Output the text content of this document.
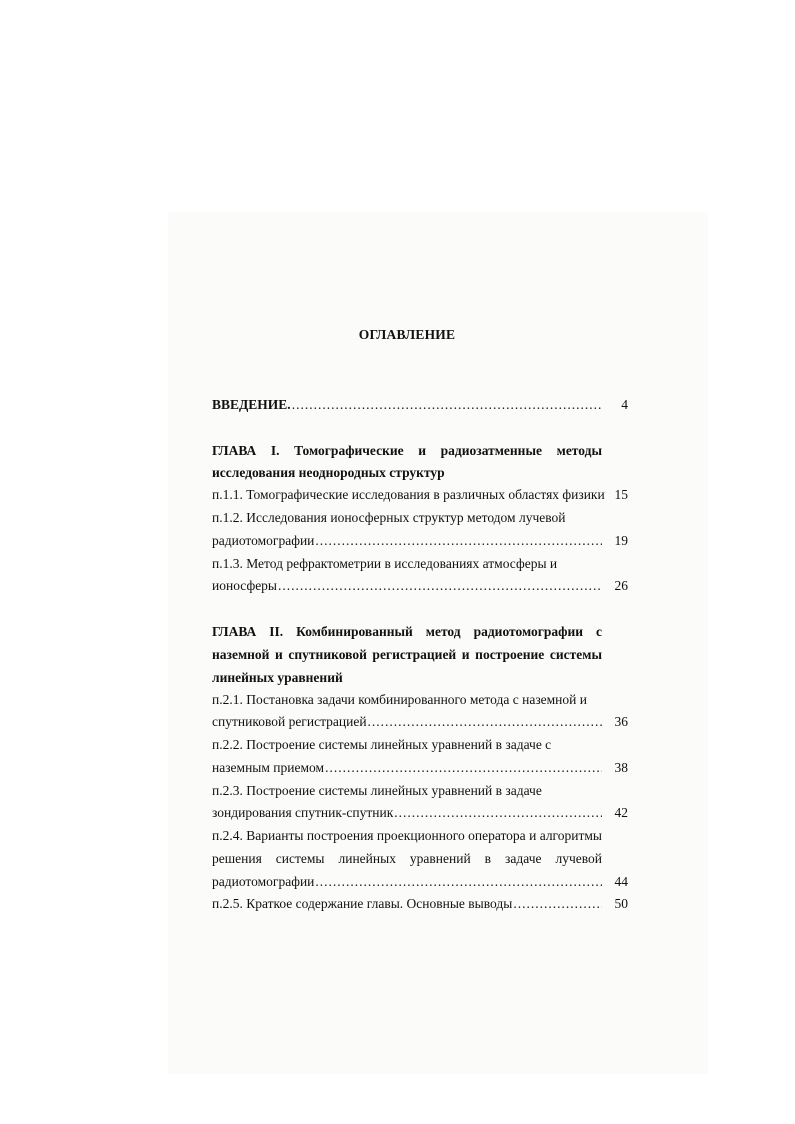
ОГЛАВЛЕНИЕ
ВВЕДЕНИЕ. .....	4
ГЛАВА I. Томографические и радиозатменные методы
исследования неоднородных структур
п.1.1. Томографические исследования в различных областях физики 15
п.1.2. Исследования ионосферных структур методом лучевой
радиотомографии .....	19
п.1.3. Метод рефрактометрии в исследованиях атмосферы и
ионосферы .....	26
ГЛАВА II. Комбинированный метод радиотомографии с
наземной и спутниковой регистрацией и построение системы
линейных уравнений
п.2.1. Постановка задачи комбинированного метода с наземной и
спутниковой регистрацией .....	36
п.2.2. Построение системы линейных уравнений в задаче с
наземным приемом .....	38
п.2.3. Построение системы линейных уравнений в задаче
зондирования спутник-спутник .....	42
п.2.4. Варианты построения проекционного оператора и алгоритмы
решения системы линейных уравнений в задаче лучевой
радиотомографии .....	44
п.2.5. Краткое содержание главы. Основные выводы .....	50
